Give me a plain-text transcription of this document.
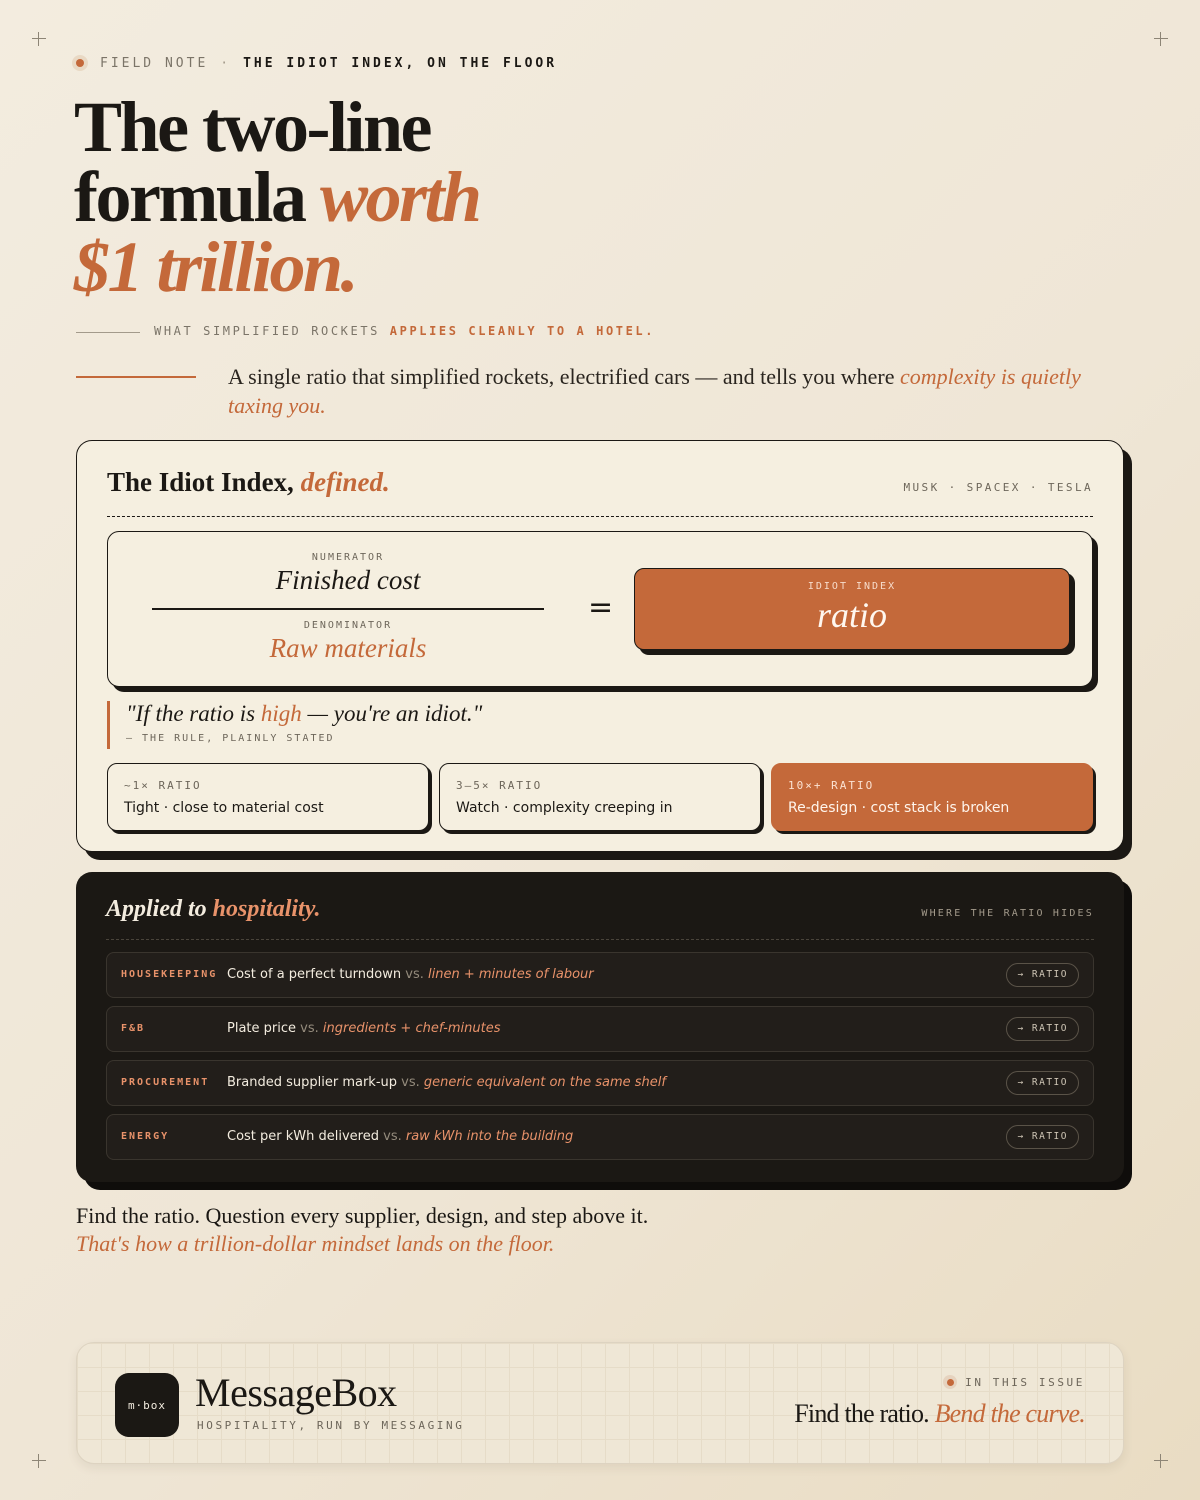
FIELD NOTE · THE IDIOT INDEX, ON THE FLOOR
The two-line
formula worth
$1 trillion.
WHAT SIMPLIFIED ROCKETS APPLIES CLEANLY TO A HOTEL.

A single ratio that simplified rockets, electrified cars — and tells you where complexity is quietly taxing you.

The Idiot Index, defined.	MUSK · SPACEX · TESLA
NUMERATOR
Finished cost
DENOMINATOR
Raw materials
=
IDIOT INDEX
ratio
"If the ratio is high — you're an idiot."
— THE RULE, PLAINLY STATED
~1× RATIO
Tight · close to material cost
3–5× RATIO
Watch · complexity creeping in
10×+ RATIO
Re-design · cost stack is broken
Applied to hospitality.	WHERE THE RATIO HIDES
HOUSEKEEPING Cost of a perfect turndown vs. linen + minutes of labour	→ RATIO
F&B	Plate price vs. ingredients + chef-minutes	→ RATIO
PROCUREMENT Branded supplier mark-up vs. generic equivalent on the same shelf	→ RATIO
ENERGY	Cost per kWh delivered vs. raw kWh into the building	→ RATIO
Find the ratio. Question every supplier, design, and step above it.
That's how a trillion-dollar mindset lands on the floor.
m·box MessageBox
HOSPITALITY, RUN BY MESSAGING
IN THIS ISSUE
Find the ratio. Bend the curve.
